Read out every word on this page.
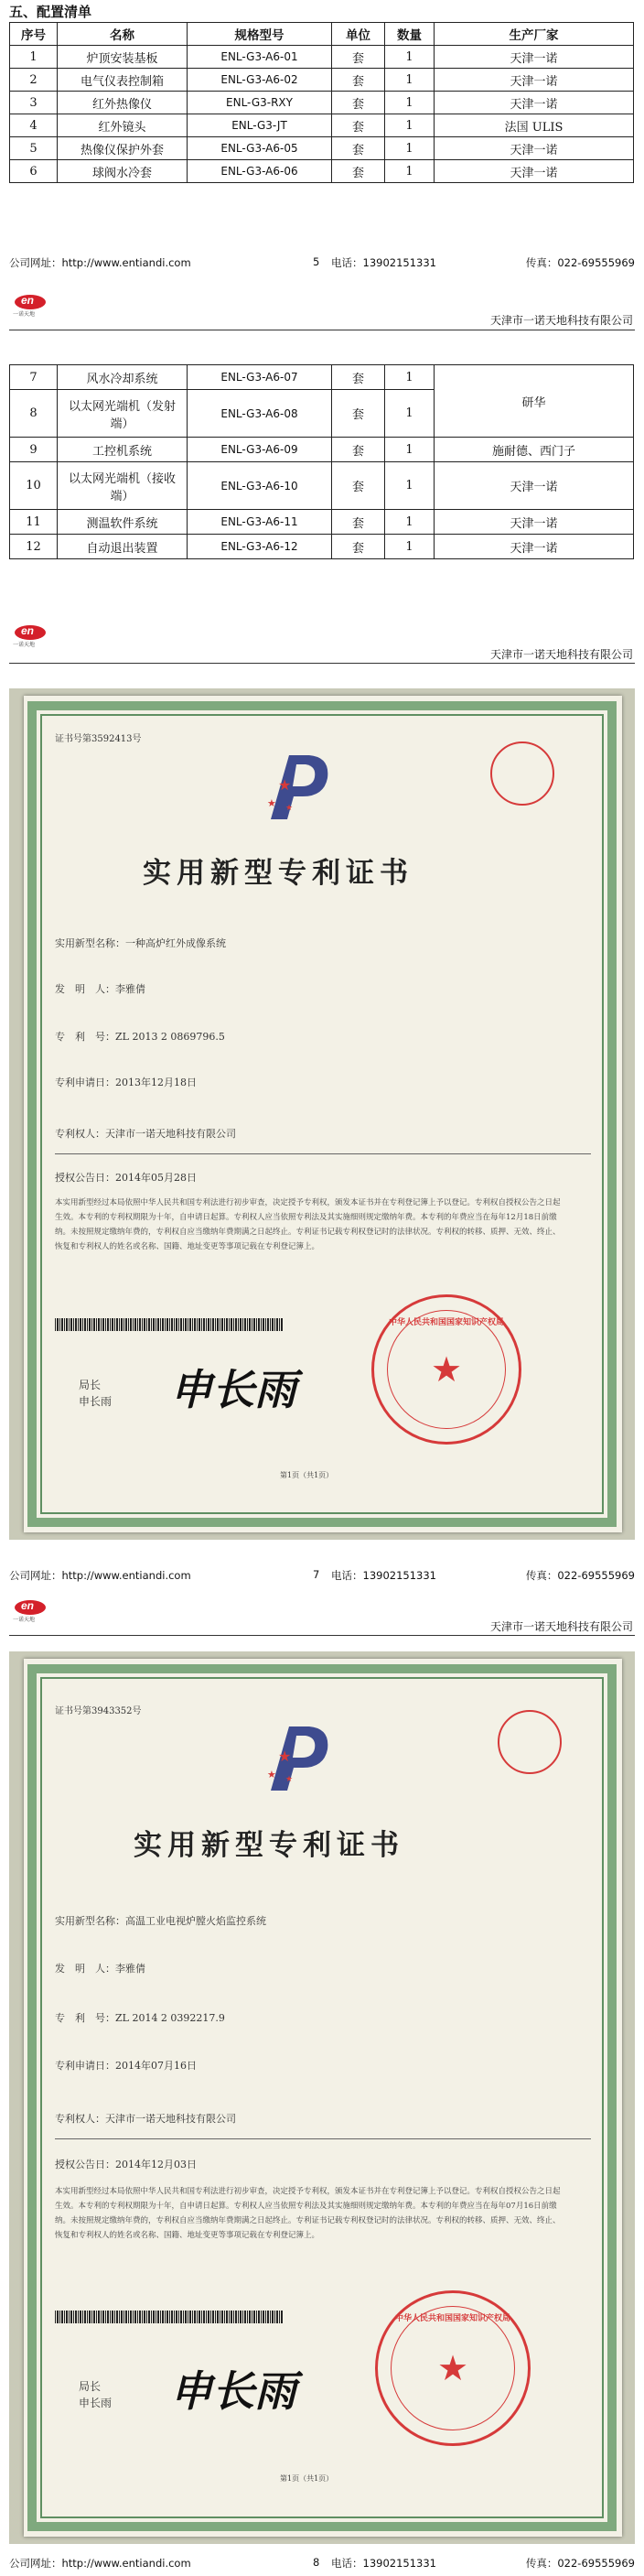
五、配置清单
序号	名称	规格型号	单位	数量	生产厂家
1	炉顶安装基板	ENL-G3-A6-01	套	1	天津一诺
2	电气仪表控制箱	ENL-G3-A6-02	套	1	天津一诺
3	红外热像仪	ENL-G3-RXY	套	1	天津一诺
4	红外镜头	ENL-G3-JT	套	1	法国 ULIS
5	热像仪保护外套	ENL-G3-A6-05	套	1	天津一诺
6	球阀水冷套	ENL-G3-A6-06	套	1	天津一诺
公司网址：http://www.entiandi.com	5 电话：13902151331	传真：022-69555969
en
一诺天地	天津市一诺天地科技有限公司
7	风水冷却系统	ENL-G3-A6-07	套	1	研华
8	以太网光端机（发射端）	ENL-G3-A6-08	套	1	
9	工控机系统	ENL-G3-A6-09	套	1	施耐德、西门子
10	以太网光端机（接收端）	ENL-G3-A6-10	套	1	天津一诺
11	测温软件系统	ENL-G3-A6-11	套	1	天津一诺
12	自动退出装置	ENL-G3-A6-12	套	1	天津一诺
en
一诺天地
天津市一诺天地科技有限公司
证书号第3592413号
★
★ ★
实用新型专利证书
实用新型名称：一种高炉红外成像系统
发　明　人：李雅倩
专　利　号：ZL 2013 2 0869796.5
专利申请日：2013年12月18日
专利权人：天津市一诺天地科技有限公司
授权公告日：2014年05月28日
本实用新型经过本局依照中华人民共和国专利法进行初步审查，决定授予专利权，颁发本证书并在专利登记簿上予以登记。专利权自授权公告之日起生效。本专利的专利权期限为十年，自申请日起算。专利权人应当依照专利法及其实施细则规定缴纳年费。本专利的年费应当在每年12月18日前缴纳。未按照规定缴纳年费的，专利权自应当缴纳年费期满之日起终止。专利证书记载专利权登记时的法律状况。专利权的转移、质押、无效、终止、恢复和专利权人的姓名或名称、国籍、地址变更等事项记载在专利登记簿上。
局长
申长雨 申长雨
中华人民共和国国家知识产权局
★
第1页（共1页）
公司网址：http://www.entiandi.com	7 电话：13902151331	传真：022-69555969
en
一诺天地
天津市一诺天地科技有限公司
证书号第3943352号
★
★ ★
实用新型专利证书
实用新型名称：高温工业电视炉膛火焰监控系统
发　明　人：李雅倩
专　利　号：ZL 2014 2 0392217.9
专利申请日：2014年07月16日
专利权人：天津市一诺天地科技有限公司
授权公告日：2014年12月03日
本实用新型经过本局依照中华人民共和国专利法进行初步审查，决定授予专利权，颁发本证书并在专利登记簿上予以登记。专利权自授权公告之日起生效。本专利的专利权期限为十年，自申请日起算。专利权人应当依照专利法及其实施细则规定缴纳年费。本专利的年费应当在每年07月16日前缴纳。未按照规定缴纳年费的，专利权自应当缴纳年费期满之日起终止。专利证书记载专利权登记时的法律状况。专利权的转移、质押、无效、终止、恢复和专利权人的姓名或名称、国籍、地址变更等事项记载在专利登记簿上。
局长
申长雨 申长雨
中华人民共和国国家知识产权局
★
第1页（共1页）
公司网址：http://www.entiandi.com	8 电话：13902151331	传真：022-69555969
